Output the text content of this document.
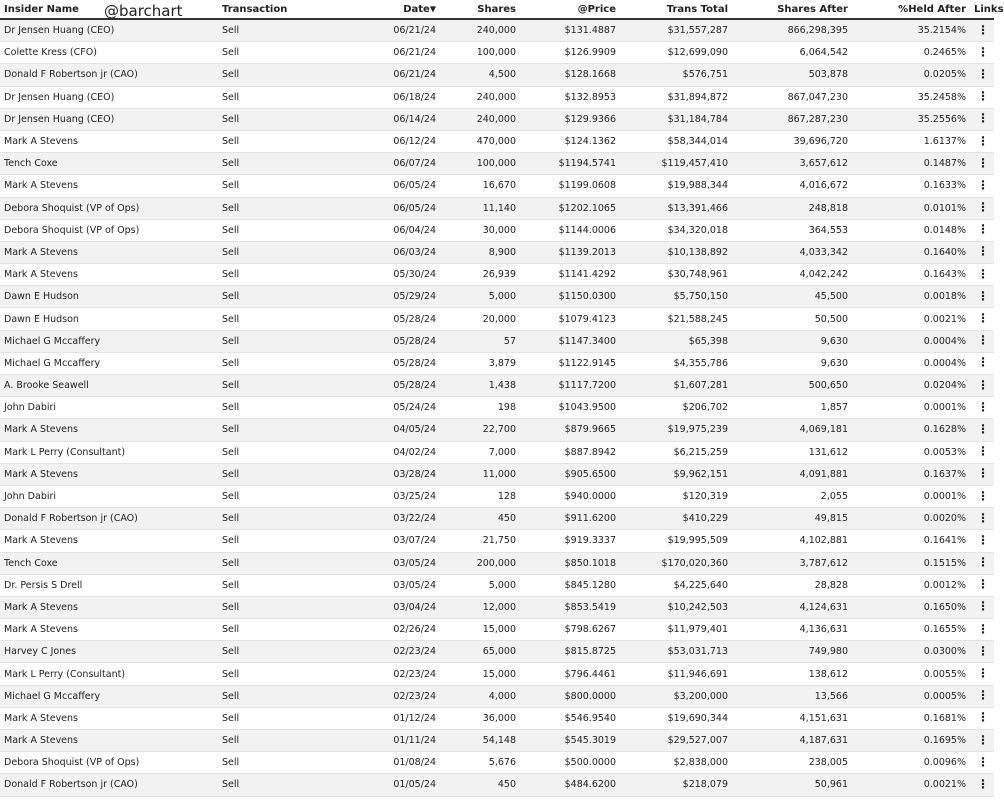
@barchart
Insider Name	Transaction	Date▼	Shares	@Price	Trans Total	Shares After	%Held After	Links
Dr Jensen Huang (CEO)	Sell	06/21/24	240,000	$131.4887	$31,557,287	866,298,395	35.2154%	⋮
Colette Kress (CFO)	Sell	06/21/24	100,000	$126.9909	$12,699,090	6,064,542	0.2465%	⋮
Donald F Robertson jr (CAO)	Sell	06/21/24	4,500	$128.1668	$576,751	503,878	0.0205%	⋮
Dr Jensen Huang (CEO)	Sell	06/18/24	240,000	$132.8953	$31,894,872	867,047,230	35.2458%	⋮
Dr Jensen Huang (CEO)	Sell	06/14/24	240,000	$129.9366	$31,184,784	867,287,230	35.2556%	⋮
Mark A Stevens	Sell	06/12/24	470,000	$124.1362	$58,344,014	39,696,720	1.6137%	⋮
Tench Coxe	Sell	06/07/24	100,000	$1194.5741	$119,457,410	3,657,612	0.1487%	⋮
Mark A Stevens	Sell	06/05/24	16,670	$1199.0608	$19,988,344	4,016,672	0.1633%	⋮
Debora Shoquist (VP of Ops)	Sell	06/05/24	11,140	$1202.1065	$13,391,466	248,818	0.0101%	⋮
Debora Shoquist (VP of Ops)	Sell	06/04/24	30,000	$1144.0006	$34,320,018	364,553	0.0148%	⋮
Mark A Stevens	Sell	06/03/24	8,900	$1139.2013	$10,138,892	4,033,342	0.1640%	⋮
Mark A Stevens	Sell	05/30/24	26,939	$1141.4292	$30,748,961	4,042,242	0.1643%	⋮
Dawn E Hudson	Sell	05/29/24	5,000	$1150.0300	$5,750,150	45,500	0.0018%	⋮
Dawn E Hudson	Sell	05/28/24	20,000	$1079.4123	$21,588,245	50,500	0.0021%	⋮
Michael G Mccaffery	Sell	05/28/24	57	$1147.3400	$65,398	9,630	0.0004%	⋮
Michael G Mccaffery	Sell	05/28/24	3,879	$1122.9145	$4,355,786	9,630	0.0004%	⋮
A. Brooke Seawell	Sell	05/28/24	1,438	$1117.7200	$1,607,281	500,650	0.0204%	⋮
John Dabiri	Sell	05/24/24	198	$1043.9500	$206,702	1,857	0.0001%	⋮
Mark A Stevens	Sell	04/05/24	22,700	$879.9665	$19,975,239	4,069,181	0.1628%	⋮
Mark L Perry (Consultant)	Sell	04/02/24	7,000	$887.8942	$6,215,259	131,612	0.0053%	⋮
Mark A Stevens	Sell	03/28/24	11,000	$905.6500	$9,962,151	4,091,881	0.1637%	⋮
John Dabiri	Sell	03/25/24	128	$940.0000	$120,319	2,055	0.0001%	⋮
Donald F Robertson jr (CAO)	Sell	03/22/24	450	$911.6200	$410,229	49,815	0.0020%	⋮
Mark A Stevens	Sell	03/07/24	21,750	$919.3337	$19,995,509	4,102,881	0.1641%	⋮
Tench Coxe	Sell	03/05/24	200,000	$850.1018	$170,020,360	3,787,612	0.1515%	⋮
Dr. Persis S Drell	Sell	03/05/24	5,000	$845.1280	$4,225,640	28,828	0.0012%	⋮
Mark A Stevens	Sell	03/04/24	12,000	$853.5419	$10,242,503	4,124,631	0.1650%	⋮
Mark A Stevens	Sell	02/26/24	15,000	$798.6267	$11,979,401	4,136,631	0.1655%	⋮
Harvey C Jones	Sell	02/23/24	65,000	$815.8725	$53,031,713	749,980	0.0300%	⋮
Mark L Perry (Consultant)	Sell	02/23/24	15,000	$796.4461	$11,946,691	138,612	0.0055%	⋮
Michael G Mccaffery	Sell	02/23/24	4,000	$800.0000	$3,200,000	13,566	0.0005%	⋮
Mark A Stevens	Sell	01/12/24	36,000	$546.9540	$19,690,344	4,151,631	0.1681%	⋮
Mark A Stevens	Sell	01/11/24	54,148	$545.3019	$29,527,007	4,187,631	0.1695%	⋮
Debora Shoquist (VP of Ops)	Sell	01/08/24	5,676	$500.0000	$2,838,000	238,005	0.0096%	⋮
Donald F Robertson jr (CAO)	Sell	01/05/24	450	$484.6200	$218,079	50,961	0.0021%	⋮
